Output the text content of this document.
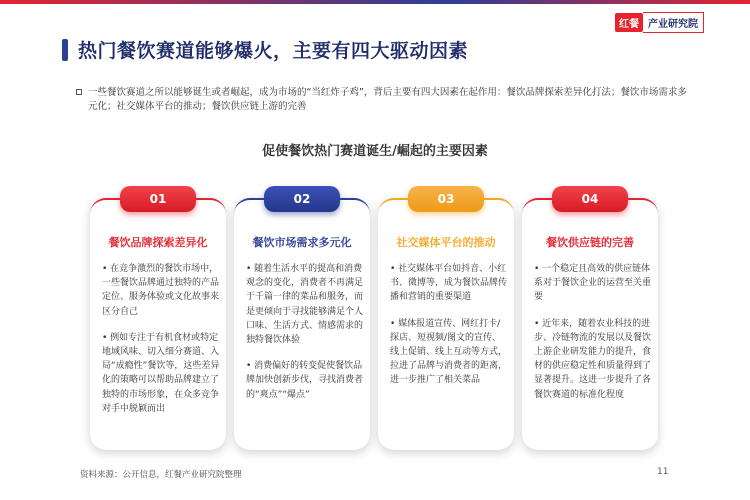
热门餐饮赛道能够爆火，主要有四大驱动因素
红餐 产业研究院
一些餐饮赛道之所以能够诞生或者崛起，成为市场的“当红炸子鸡”，背后主要有四大因素在起作用：餐饮品牌探索差异化打法；餐饮市场需求多元化；社交媒体平台的推动；餐饮供应链上游的完善
促使餐饮热门赛道诞生/崛起的主要因素
01
餐饮品牌探索差异化

• 在竞争激烈的餐饮市场中，一些餐饮品牌通过独特的产品定位、服务体验或文化故事来区分自己

• 例如专注于有机食材或特定地域风味、切入细分赛道、入局“成瘾性”餐饮等，这些差异化的策略可以帮助品牌建立了独特的市场形象，在众多竞争对手中脱颖而出

02
餐饮市场需求多元化

• 随着生活水平的提高和消费观念的变化，消费者不再满足于千篇一律的菜品和服务，而是更倾向于寻找能够满足个人口味、生活方式、情感需求的独特餐饮体验

• 消费偏好的转变促使餐饮品牌加快创新步伐，寻找消费者的“爽点”“爆点”

03
社交媒体平台的推动

• 社交媒体平台如抖音、小红书、微博等，成为餐饮品牌传播和营销的重要渠道

• 媒体报道宣传、网红打卡/探店、短视频/图文的宣传、线上促销、线上互动等方式，拉进了品牌与消费者的距离，进一步推广了相关菜品

04
餐饮供应链的完善

• 一个稳定且高效的供应链体系对于餐饮企业的运营至关重要

• 近年来，随着农业科技的进步、冷链物流的发展以及餐饮上游企业研发能力的提升，食材的供应稳定性和质量得到了显著提升。这进一步提升了各餐饮赛道的标准化程度

资料来源：公开信息，红餐产业研究院整理	11
